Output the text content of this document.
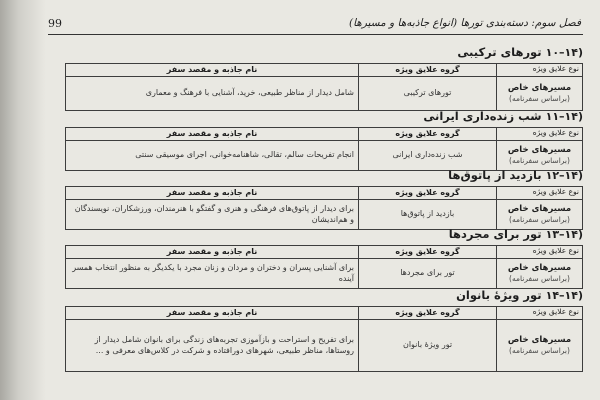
99	فصل سوم: دسته‌بندی تورها (انواع جاذبه‌ها و مسیرها)
۱۰–۱۴) تورهای ترکیبی
نوع علایق ویژه	گروه علایق ویژه	نام جاذبه و مقصد سفر

مسیرهای خاص
(براساس سفرنامه)	تورهای ترکیبی	شامل دیدار از مناظر طبیعی، خرید، آشنایی با فرهنگ و معماری
۱۱–۱۴) شب زنده‌داری ایرانی
نوع علایق ویژه	گروه علایق ویژه	نام جاذبه و مقصد سفر

مسیرهای خاص
(براساس سفرنامه)	شب زنده‌داری ایرانی	انجام تفریحات سالم، تقالی، شاهنامه‌خوانی، اجرای موسیقی سنتی
۱۲–۱۴) بازدید از پاتوق‌ها
نوع علایق ویژه	گروه علایق ویژه	نام جاذبه و مقصد سفر

مسیرهای خاص
(براساس سفرنامه)	بازدید از پاتوق‌ها	برای دیدار از پاتوق‌های فرهنگی و هنری و گفتگو با هنرمندان، ورزشکاران، نویسندگان و هم‌اندیشان
۱۳–۱۴) تور برای مجردها
نوع علایق ویژه	گروه علایق ویژه	نام جاذبه و مقصد سفر

مسیرهای خاص
(براساس سفرنامه)	تور برای مجردها	برای آشنایی پسران و دختران و مردان و زنان مجرد با یکدیگر به منظور انتخاب همسر آینده
۱۴–۱۴) تور ویژهٔ بانوان
نوع علایق ویژه	گروه علایق ویژه	نام جاذبه و مقصد سفر

مسیرهای خاص
(براساس سفرنامه)	تور ویژهٔ بانوان	برای تفریح و استراحت و بازآموزی تجربه‌های زندگی برای بانوان شامل دیدار از روستاها، مناظر طبیعی، شهرهای دورافتاده و شرکت در کلاس‌های معرفی و ...
